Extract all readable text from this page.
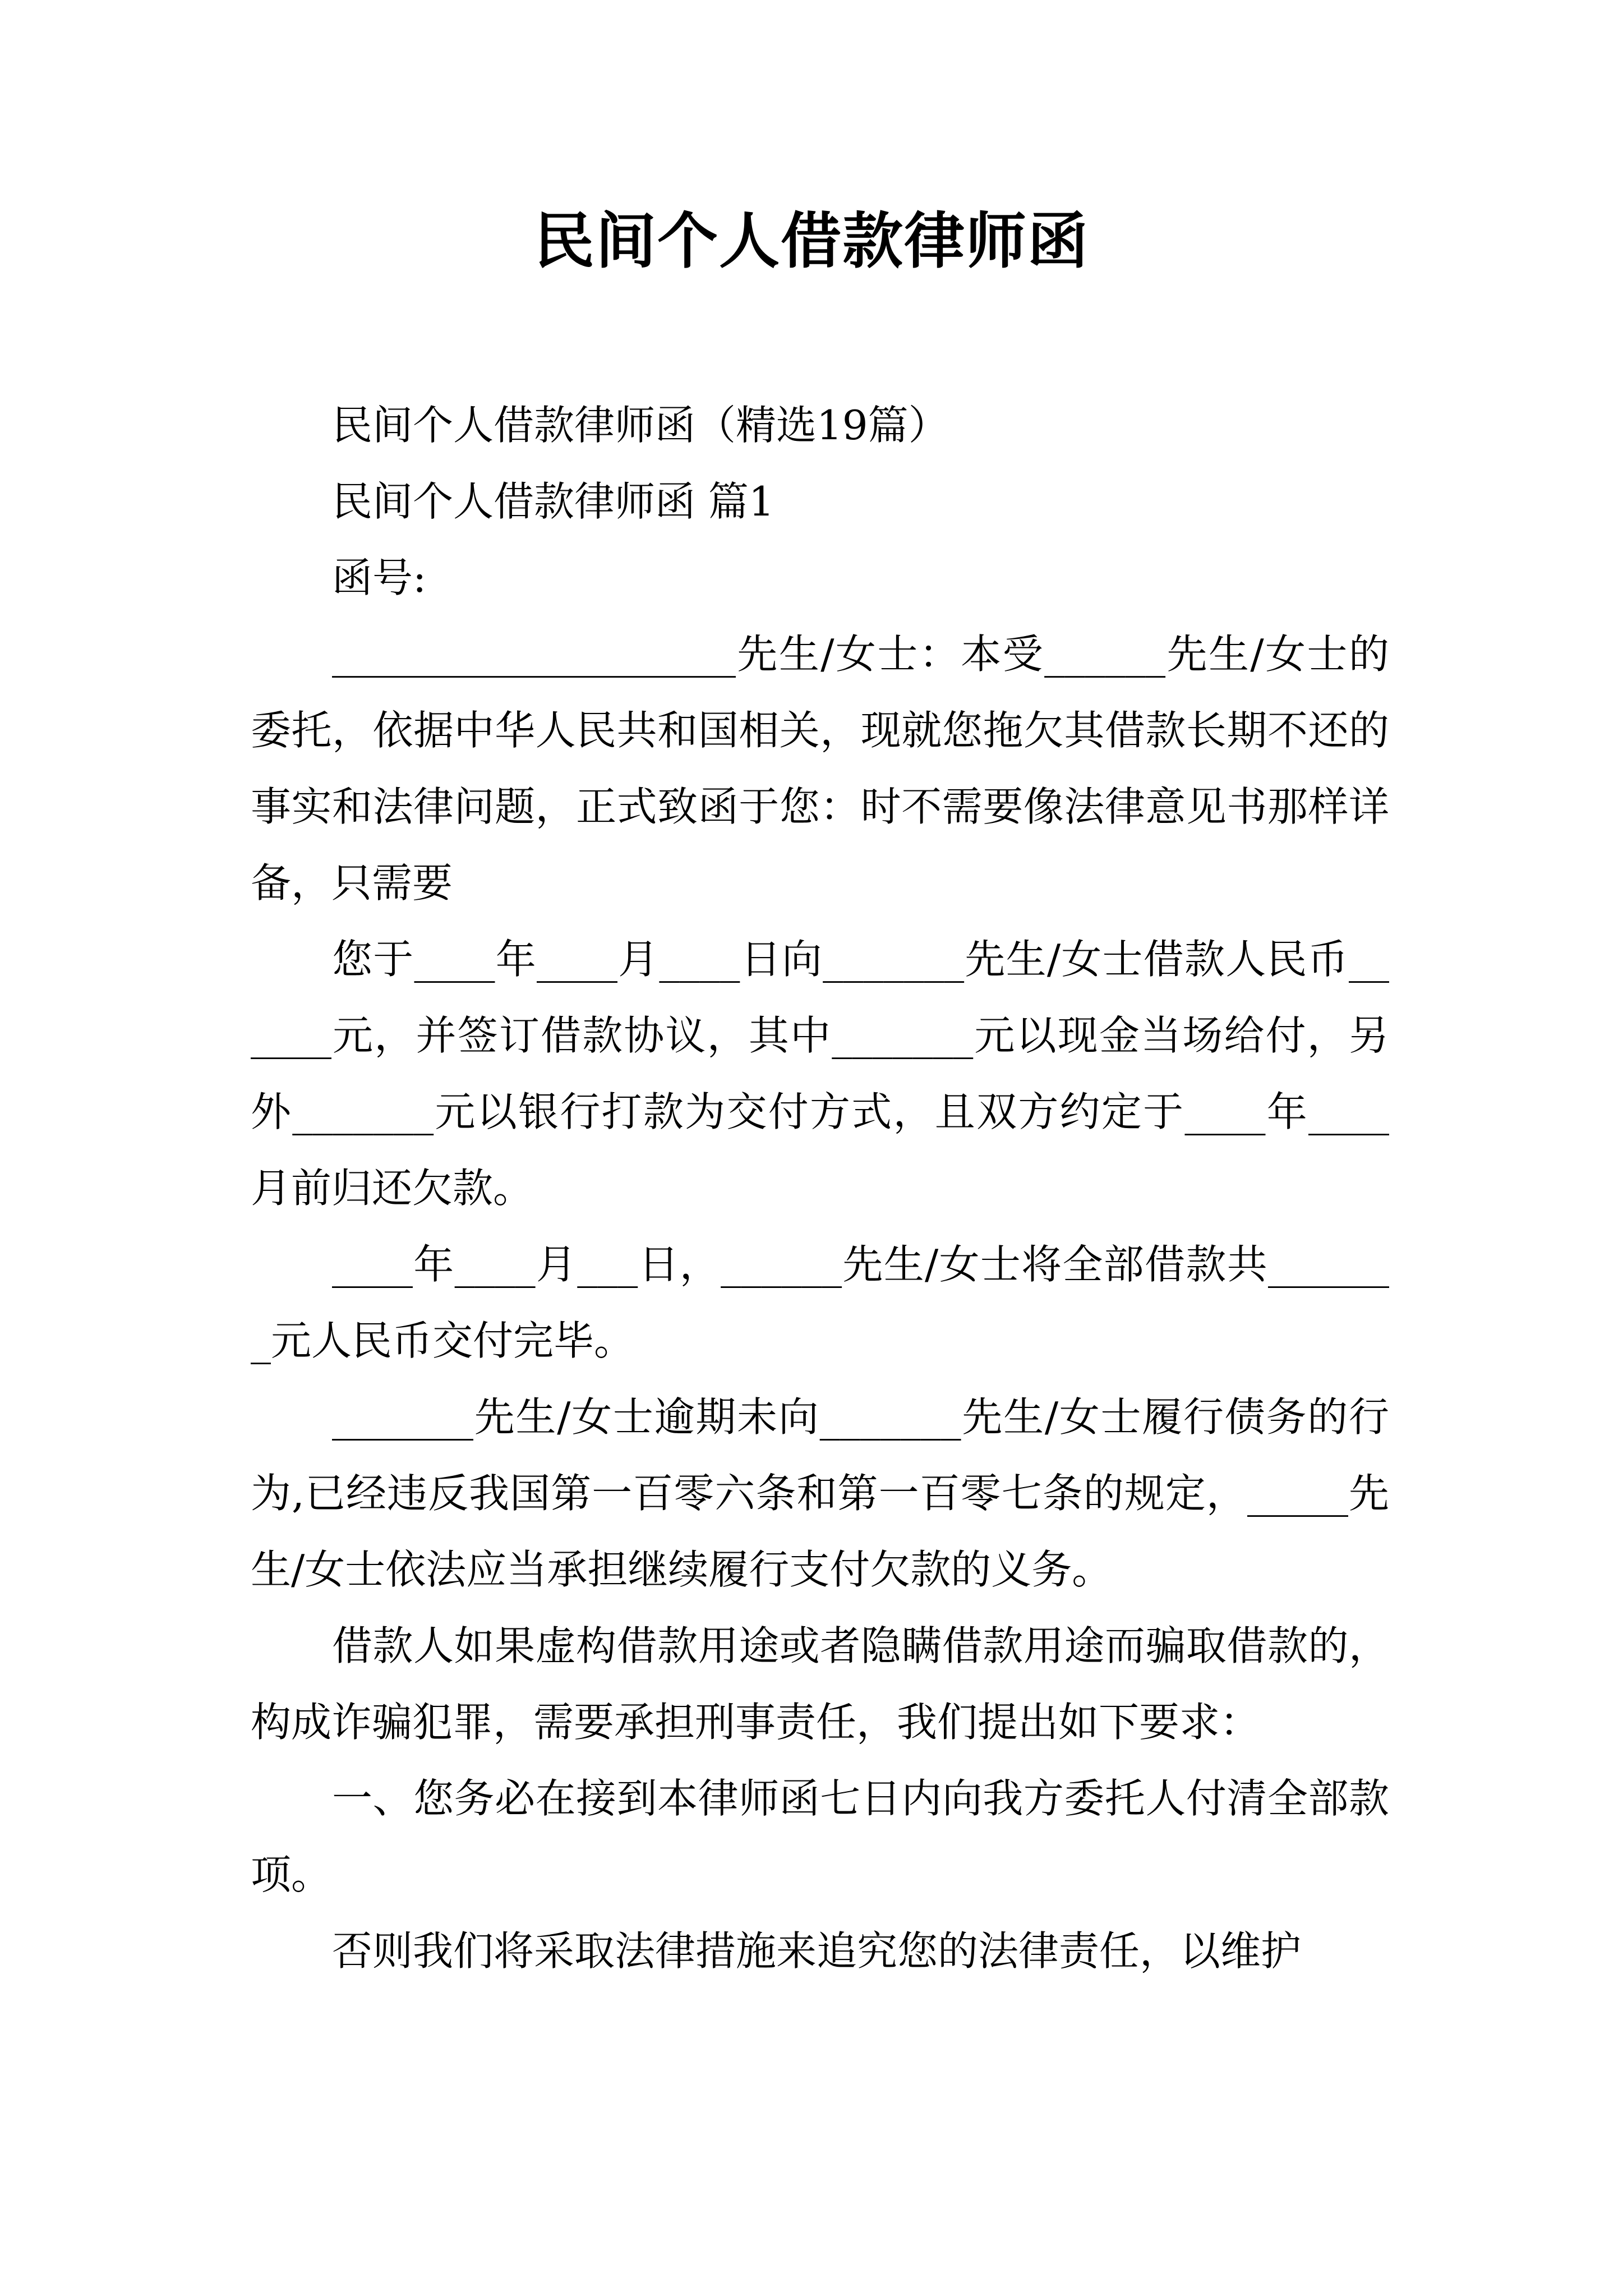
民间个人借款律师函

民间个人借款律师函（精选19篇）

民间个人借款律师函 篇1

函号:

____________________先生/女士：本受______先生/女士的委托，依据中华人民共和国相关，现就您拖欠其借款长期不还的事实和法律问题，正式致函于您：时不需要像法律意见书那样详备，只需要

您于____年____月____日向_______先生/女士借款人民币______元，并签订借款协议，其中_______元以现金当场给付，另外_______元以银行打款为交付方式，且双方约定于____年____月前归还欠款。

____年____月___日，______先生/女士将全部借款共_______元人民币交付完毕。

_______先生/女士逾期未向_______先生/女士履行债务的行为,已经违反我国第一百零六条和第一百零七条的规定，_____先生/女士依法应当承担继续履行支付欠款的义务。

借款人如果虚构借款用途或者隐瞒借款用途而骗取借款的，构成诈骗犯罪，需要承担刑事责任，我们提出如下要求：

一、您务必在接到本律师函七日内向我方委托人付清全部款项。

否则我们将采取法律措施来追究您的法律责任，以维护
